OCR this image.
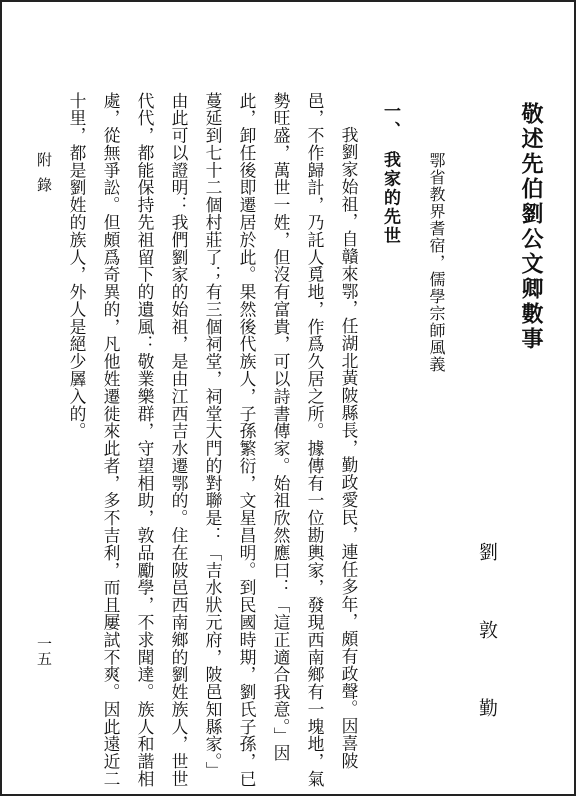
敬述先伯劉公文卿數事
劉　敦　勤
鄂省教界耆宿，儒學宗師風義
一、　我家的先世

我劉家始祖，自贛來鄂，任湖北黃陂縣長，勤政愛民，連任多年，頗有政聲。因喜陂邑，不作歸計，乃託人覓地，作爲久居之所。據傳有一位勘輿家，發現西南鄉有一塊地，氣勢旺盛，萬世一姓，但沒有富貴，可以詩書傳家。始祖欣然應曰：「這正適合我意。」因此，卸任後即遷居於此。果然後代族人，子孫繁衍，文星昌明。到民國時期，劉氏子孫，已蔓延到七十二個村莊了；有三個祠堂，祠堂大門的對聯是：「吉水狀元府，陂邑知縣家。」由此可以證明：我們劉家的始祖，是由江西吉水遷鄂的。住在陂邑西南鄉的劉姓族人，世世代代，都能保持先祖留下的遺風：敬業樂群，守望相助，敦品勵學，不求聞達。族人和諧相處，從無爭訟。但頗爲奇異的，凡他姓遷徙來此者，多不吉利，而且屢試不爽。因此遠近二十里，都是劉姓的族人，外人是絕少羼入的。

附錄
一五
